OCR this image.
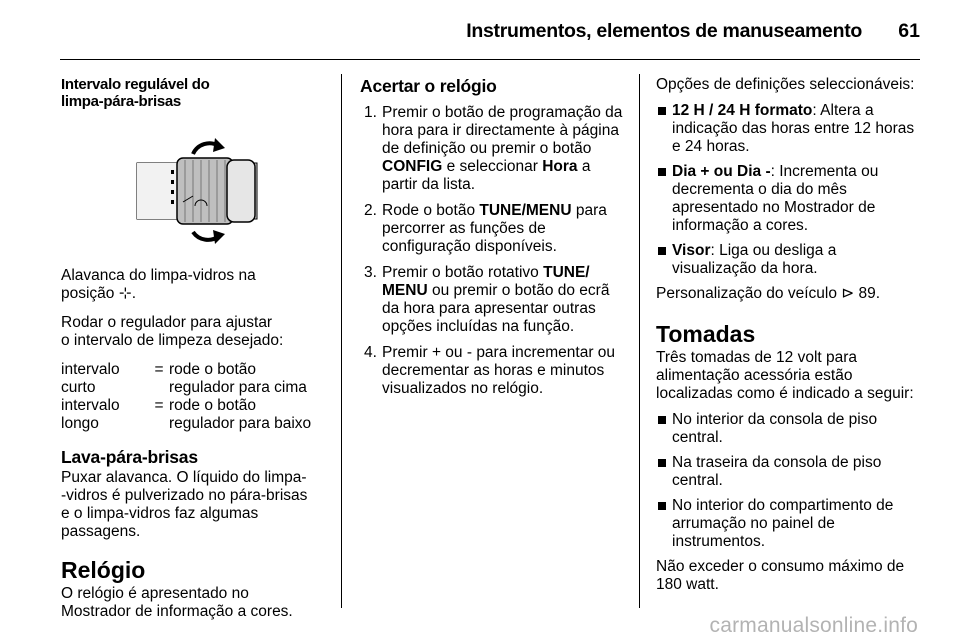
Instrumentos, elementos de manuseamento	61
Intervalo regulável do
limpa-pára-brisas

Alavanca do limpa-vidros na
posição ⊹.

Rodar o regulador para ajustar
o intervalo de limpeza desejado:

intervalo curto
= rode o botão regulador para cima
intervalo longo
= rode o botão regulador para baixo
Lava-pára-brisas

Puxar alavanca. O líquido do limpa-
-vidros é pulverizado no pára-brisas
e o limpa-vidros faz algumas
passagens.

Relógio

O relógio é apresentado no
Mostrador de informação a cores.

Acertar o relógio
1. Premir o botão de programação da hora para ir directamente à página de definição ou premir o botão CONFIG e seleccionar Hora a partir da lista.
2. Rode o botão TUNE/MENU para percorrer as funções de configuração disponíveis.
3. Premir o botão rotativo TUNE/ MENU ou premir o botão do ecrã da hora para apresentar outras opções incluídas na função.
4. Premir + ou - para incrementar ou decrementar as horas e minutos visualizados no relógio.

Opções de definições seleccionáveis:

12 H / 24 H formato: Altera a indicação das horas entre 12 horas e 24 horas.
Dia + ou Dia -: Incrementa ou decrementa o dia do mês apresentado no Mostrador de informação a cores.
Visor: Liga ou desliga a visualização da hora.

Personalização do veículo ⊳ 89.

Tomadas

Três tomadas de 12 volt para alimentação acessória estão localizadas como é indicado a seguir:

No interior da consola de piso central.
Na traseira da consola de piso central.
No interior do compartimento de arrumação no painel de instrumentos.

Não exceder o consumo máximo de 180 watt.

carmanualsonline.info
